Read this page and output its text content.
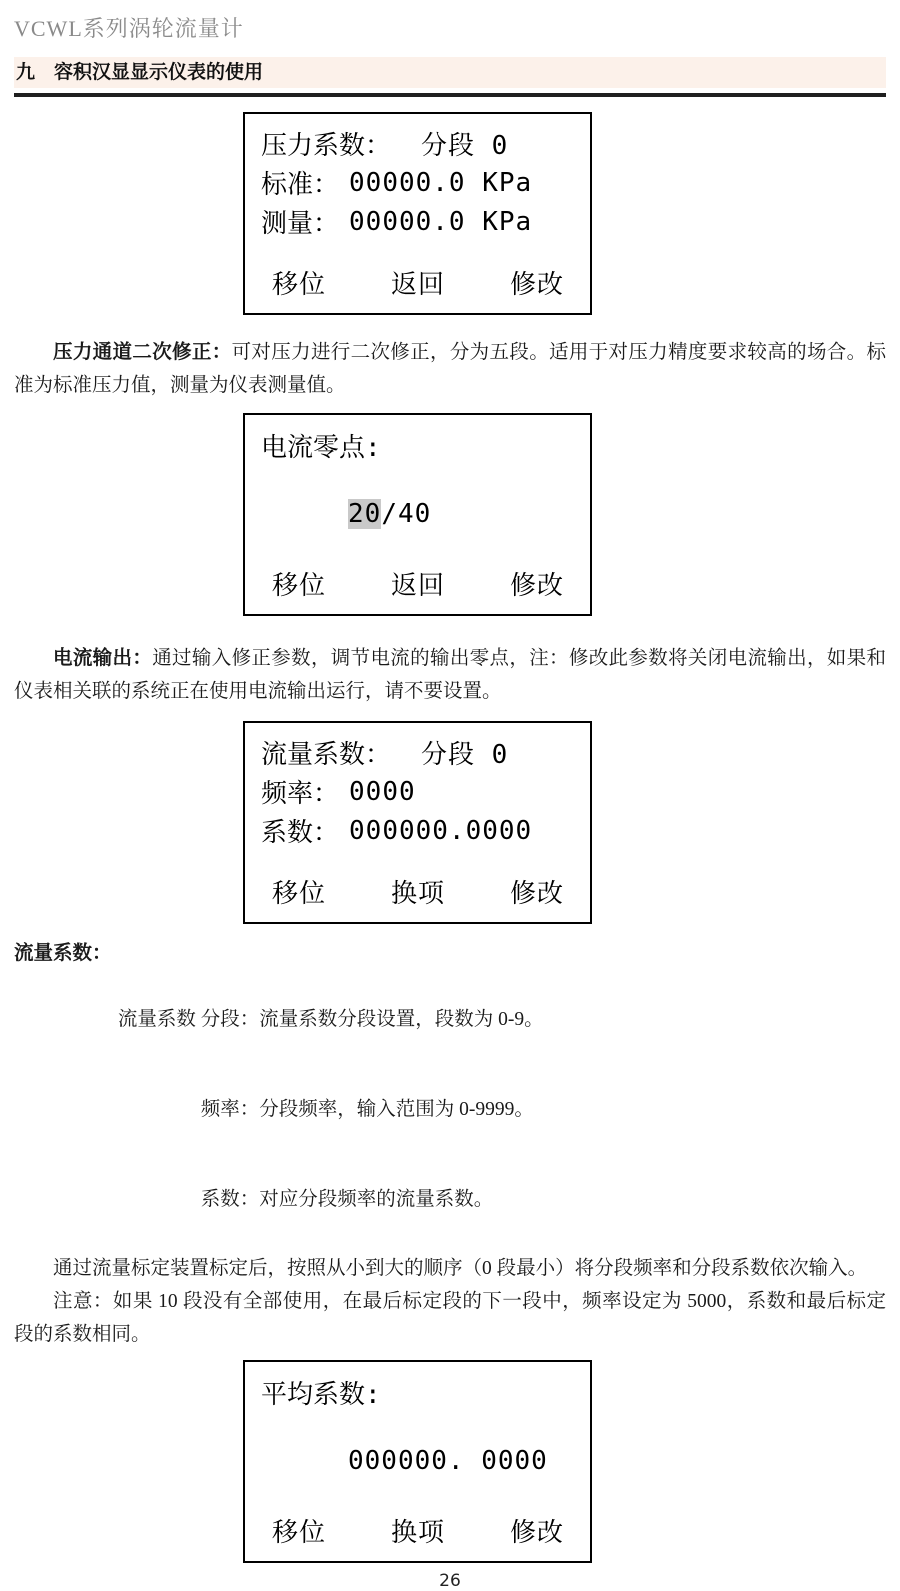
VCWL系列涡轮流量计
九　容积汉显显示仪表的使用
压力系数： 分段 0
标准： 00000.0 KPa
测量： 00000.0 KPa
移位 返回 修改
压力通道二次修正：可对压力进行二次修正，分为五段。适用于对压力精度要求较高的场合。标准为标准压力值，测量为仪表测量值。
电流零点:
20/40
移位 返回 修改
电流输出：通过输入修正参数，调节电流的输出零点，注：修改此参数将关闭电流输出，如果和仪表相关联的系统正在使用电流输出运行，请不要设置。
流量系数： 分段 0
频率： 0000
系数： 000000.0000
移位 换项 修改
流量系数：

流量系数 分段：流量系数分段设置，段数为 0-9。

频率：分段频率，输入范围为 0-9999。

系数：对应分段频率的流量系数。

通过流量标定装置标定后，按照从小到大的顺序（0 段最小）将分段频率和分段系数依次输入。
注意：如果 10 段没有全部使用，在最后标定段的下一段中，频率设定为 5000，系数和最后标定段的系数相同。
平均系数:
000000. 0000
移位 换项 修改
26
